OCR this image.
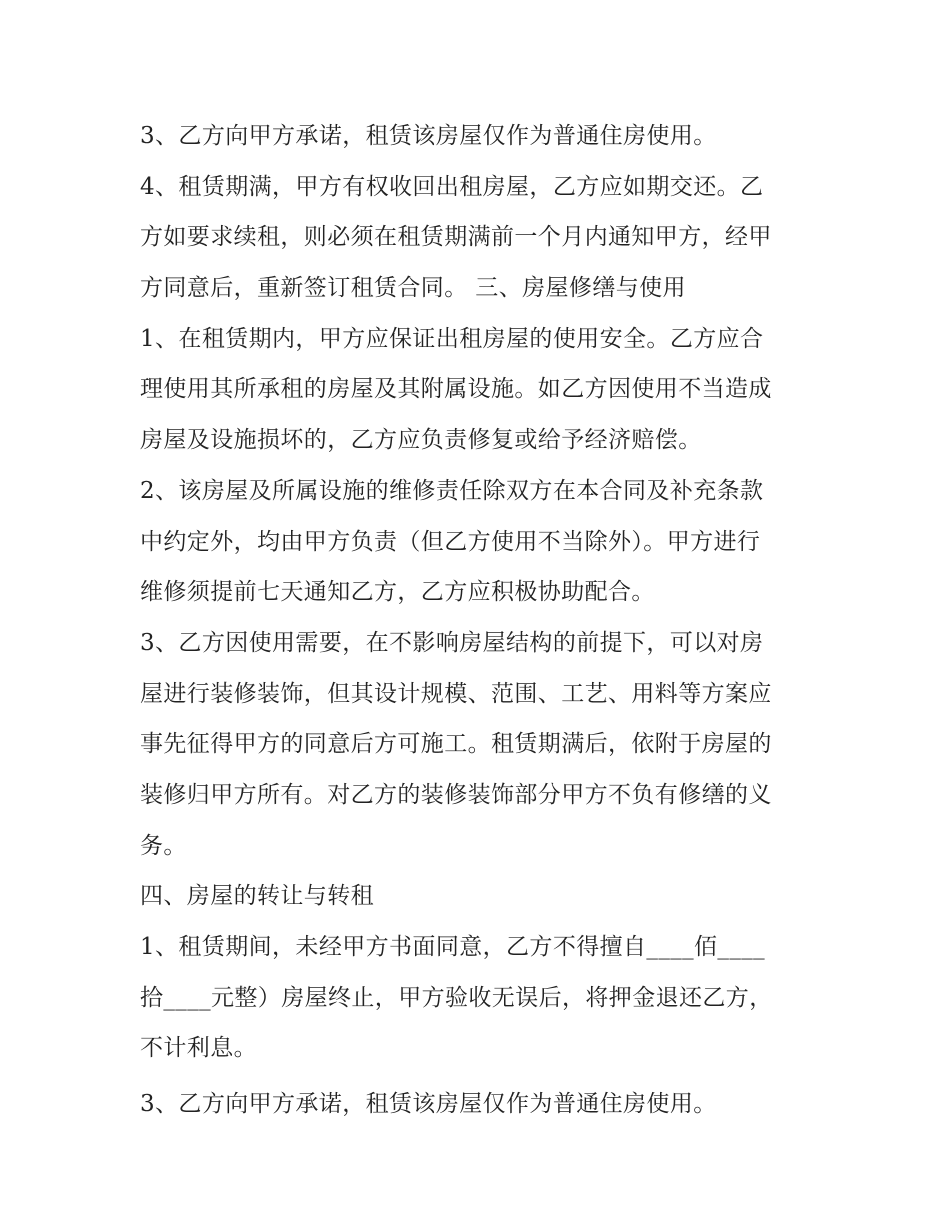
3、乙方向甲方承诺，租赁该房屋仅作为普通住房使用。
4、租赁期满，甲方有权收回出租房屋，乙方应如期交还。乙
方如要求续租，则必须在租赁期满前一个月内通知甲方，经甲
方同意后，重新签订租赁合同。 三、房屋修缮与使用
1、在租赁期内，甲方应保证出租房屋的使用安全。乙方应合
理使用其所承租的房屋及其附属设施。如乙方因使用不当造成
房屋及设施损坏的，乙方应负责修复或给予经济赔偿。
2、该房屋及所属设施的维修责任除双方在本合同及补充条款
中约定外，均由甲方负责（但乙方使用不当除外）。甲方进行
维修须提前七天通知乙方，乙方应积极协助配合。
3、乙方因使用需要，在不影响房屋结构的前提下，可以对房
屋进行装修装饰，但其设计规模、范围、工艺、用料等方案应
事先征得甲方的同意后方可施工。租赁期满后，依附于房屋的
装修归甲方所有。对乙方的装修装饰部分甲方不负有修缮的义
务。
四、房屋的转让与转租
1、租赁期间，未经甲方书面同意，乙方不得擅自____佰____
拾____元整）房屋终止，甲方验收无误后，将押金退还乙方，
不计利息。
3、乙方向甲方承诺，租赁该房屋仅作为普通住房使用。
